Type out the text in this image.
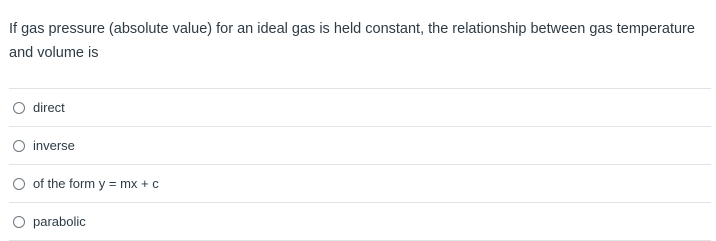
If gas pressure (absolute value) for an ideal gas is held constant, the relationship between gas temperature and volume is
direct
inverse
of the form y = mx + c
parabolic
